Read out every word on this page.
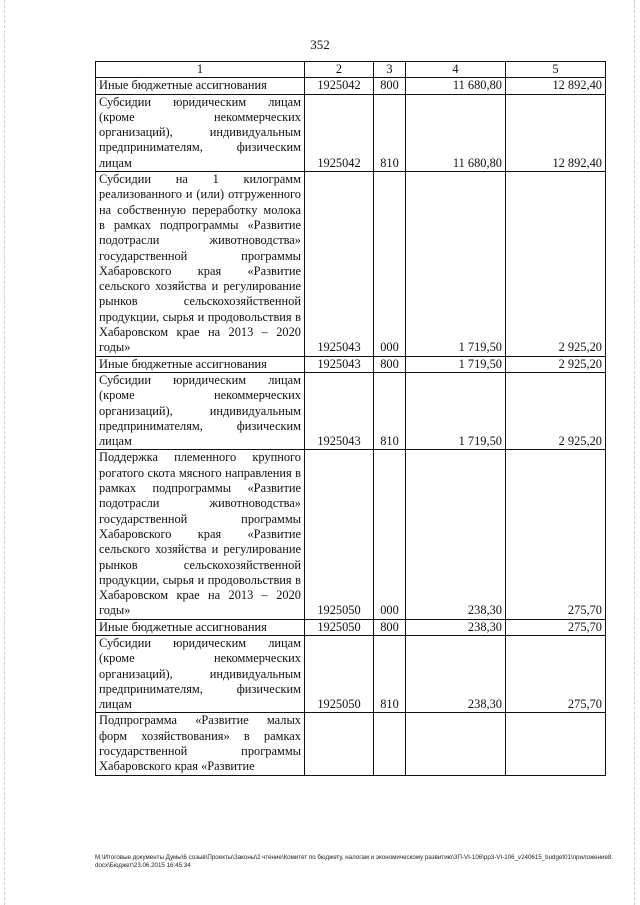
352
1	2	3	4	5
Иные бюджетные ассигнования	1925042	800	11 680,80	12 892,40
Субсидии юридическим лицам (кроме некоммерческих организаций), индивидуальным предпринимателям, физическим лицам	1925042	810	11 680,80	12 892,40
Субсидии на 1 килограмм реализованного и (или) отгруженного на собственную переработку молока в рамках подпрограммы «Развитие подотрасли животноводства» государственной программы Хабаровского края «Развитие сельского хозяйства и регулирование рынков сельскохозяйственной продукции, сырья и продовольствия в Хабаровском крае на 2013 – 2020 годы»	1925043	000	1 719,50	2 925,20
Иные бюджетные ассигнования	1925043	800	1 719,50	2 925,20
Субсидии юридическим лицам (кроме некоммерческих организаций), индивидуальным предпринимателям, физическим лицам	1925043	810	1 719,50	2 925,20
Поддержка племенного крупного рогатого скота мясного направления в рамках подпрограммы «Развитие подотрасли животноводства» государственной программы Хабаровского края «Развитие сельского хозяйства и регулирование рынков сельскохозяйственной продукции, сырья и продовольствия в Хабаровском крае на 2013 – 2020 годы»	1925050	000	238,30	275,70
Иные бюджетные ассигнования	1925050	800	238,30	275,70
Субсидии юридическим лицам (кроме некоммерческих организаций), индивидуальным предпринимателям, физическим лицам	1925050	810	238,30	275,70
Подпрограмма «Развитие малых форм хозяйствования» в рамках государственной программы Хабаровского края «Развитие				
M:\Итоговые документы Думы\6 созыв\Проекты\Законы\2 чтение\Комитет по бюджету, налогам и экономическому развитию\3П-VI-106\pp3-VI-106_v240615_budget01\приложение8.docx\Бюджет\23.06.2015 16:45:34
